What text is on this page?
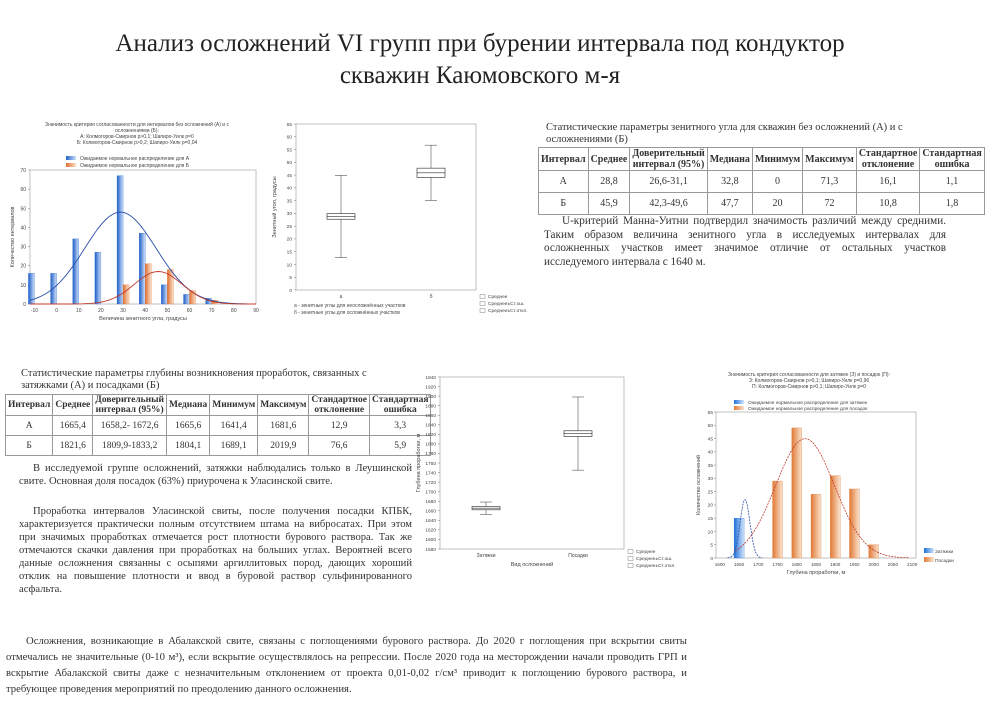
Анализ осложнений VI групп при бурении интервала под кондуктор
скважин Каюмовского м-я
Значимость критерия согласованности для интервалов без осложнений (А) и с
осложнениями (Б):
А: Колмогоров-Смирнов p>0,1; Шапиро-Уилк p=0
Б: Колмогоров-Смирнов p>0,2; Шапиро-Уилк p=0,04
Ожидаемое нормальное распределение для А
Ожидаемое нормальное распределение для Б
0
10
20
30
40
50
60
70
-10	0	10	20	30	40	50	60	70	80	90
Количество интервалов
Величина зенитного угла, градусы
0
5
10
15
20
25
30
35
40
45
50
55
60
65
Зенитный угол, градусы
а	б
а - зенитные углы для неосложнённых участков
б - зенитные углы для осложнённых участков
Среднее
Среднее±Ст.ош.
Среднее±Ст.откл.
Статистические параметры зенитного угла для скважин без осложнений (А) и с осложнениями (Б)
Интервал	Среднее	Доверительный интервал (95%)	Медиана	Минимум	Максимум	Стандартное отклонение	Стандартная ошибка
А	28,8	26,6-31,1	32,8	0	71,3	16,1	1,1
Б	45,9	42,3-49,6	47,7	20	72	10,8	1,8
U-критерий Манна-Уитни подтвердил значимость различий между средними. Таким образом величина зенитного угла в исследуемых интервалах для осложненных участков имеет значимое отличие от остальных участков исследуемого интервала с 1640 м.
Статистические параметры глубины возникновения проработок, связанных с затяжками (А) и посадками (Б)
Интервал	Среднее	Доверительный интервал (95%)	Медиана	Минимум	Максимум	Стандартное отклонение	Стандартная ошибка
А	1665,4	1658,2- 1672,6	1665,6	1641,4	1681,6	12,9	3,3
Б	1821,6	1809,9-1833,2	1804,1	1689,1	2019,9	76,6	5,9
В исследуемой группе осложнений, затяжки наблюдались только в Леушинской свите. Основная доля посадок (63%) приурочена к Уласинской свите.
Проработка интервалов Уласинской свиты, после получения посадки КПБК, характеризуется практически полным отсутствием штама на вибросатах. При этом при значимых проработках отмечается рост плотности бурового раствора. Так же отмечаются скачки давления при проработках на больших углах. Вероятней всего данные осложнения связанны с осыпями аргиллитовых пород, дающих хороший отклик на повышение плотности и ввод в буровой раствор сульфинированного асфальта.
1580
1600
1620
1640
1660
1680
1700
1720
1740
1760
1780
1800
1820
1840
1860
1880
1900
1920
1940
Глубина проработки, м
Затяжки	Посадки
Вид осложнений
Среднее
Среднее±Ст.ош.
Среднее±Ст.откл.
Значимость критерия согласованности для затяжек (З) и посадок (П):
З: Колмогоров-Смирнов p>0,1; Шапиро-Уилк p=0,96
П: Колмогоров-Смирнов p>0,1; Шапиро-Уилк p=0
Ожидаемое нормальное распределение для затяжек
Ожидаемое нормальное распределение для посадок
0
5
10
15
20
25
30
35
40
45
50
55
1600 1650 1700 1750 1800 1850 1900 1950 2000 2050 2100
Количество осложнений
Глубина проработки, м
Затяжки
Посадки
Осложнения, возникающие в Абалакской свите, связаны с поглощениями бурового раствора. До 2020 г поглощения при вскрытии свиты отмечались не значительные (0-10 м³), если вскрытие осуществлялось на репрессии. После 2020 года на месторождении начали проводить ГРП и вскрытие Абалакской свиты даже с незначительным отклонением от проекта 0,01-0,02 г/см³ приводит к поглощению бурового раствора, и требующее проведения мероприятий по преодолению данного осложнения.
